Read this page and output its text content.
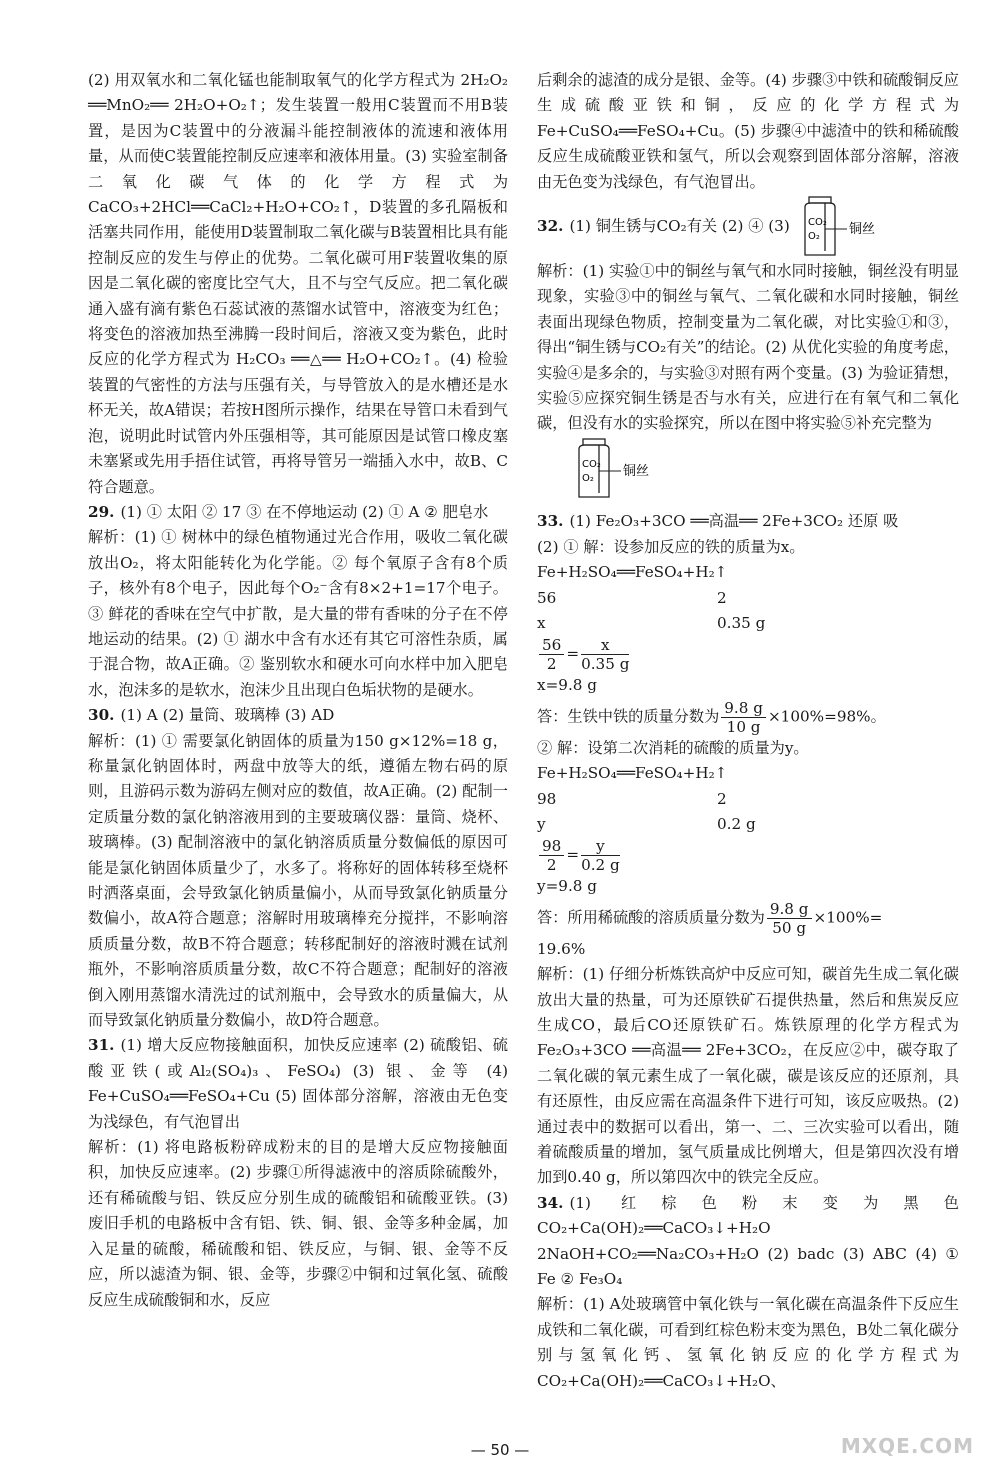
(2) 用双氧水和二氧化锰也能制取氧气的化学方程式为 2H₂O₂ ══MnO₂══ 2H₂O+O₂↑；发生装置一般用C装置而不用B装置，是因为C装置中的分液漏斗能控制液体的流速和液体用量，从而使C装置能控制反应速率和液体用量。(3) 实验室制备二氧化碳气体的化学方程式为 CaCO₃+2HCl══CaCl₂+H₂O+CO₂↑，D装置的多孔隔板和活塞共同作用，能使用D装置制取二氧化碳与B装置相比具有能控制反应的发生与停止的优势。二氧化碳可用F装置收集的原因是二氧化碳的密度比空气大，且不与空气反应。把二氧化碳通入盛有滴有紫色石蕊试液的蒸馏水试管中，溶液变为红色；将变色的溶液加热至沸腾一段时间后，溶液又变为紫色，此时反应的化学方程式为 H₂CO₃ ══△══ H₂O+CO₂↑。(4) 检验装置的气密性的方法与压强有关，与导管放入的是水槽还是水杯无关，故A错误；若按H图所示操作，结果在导管口未看到气泡，说明此时试管内外压强相等，其可能原因是试管口橡皮塞未塞紧或先用手捂住试管，再将导管另一端插入水中，故B、C符合题意。

29. (1) ① 太阳 ② 17 ③ 在不停地运动 (2) ① A ② 肥皂水

解析：(1) ① 树林中的绿色植物通过光合作用，吸收二氧化碳放出O₂，将太阳能转化为化学能。② 每个氧原子含有8个质子，核外有8个电子，因此每个O₂⁻含有8×2+1=17个电子。③ 鲜花的香味在空气中扩散，是大量的带有香味的分子在不停地运动的结果。(2) ① 湖水中含有水还有其它可溶性杂质，属于混合物，故A正确。② 鉴别软水和硬水可向水样中加入肥皂水，泡沫多的是软水，泡沫少且出现白色垢状物的是硬水。

30. (1) A (2) 量筒、玻璃棒 (3) AD

解析：(1) ① 需要氯化钠固体的质量为150 g×12%=18 g，称量氯化钠固体时，两盘中放等大的纸，遵循左物右码的原则，且游码示数为游码左侧对应的数值，故A正确。(2) 配制一定质量分数的氯化钠溶液用到的主要玻璃仪器：量筒、烧杯、玻璃棒。(3) 配制溶液中的氯化钠溶质质量分数偏低的原因可能是氯化钠固体质量少了，水多了。将称好的固体转移至烧杯时洒落桌面，会导致氯化钠质量偏小，从而导致氯化钠质量分数偏小，故A符合题意；溶解时用玻璃棒充分搅拌，不影响溶质质量分数，故B不符合题意；转移配制好的溶液时溅在试剂瓶外，不影响溶质质量分数，故C不符合题意；配制好的溶液倒入刚用蒸馏水清洗过的试剂瓶中，会导致水的质量偏大，从而导致氯化钠质量分数偏小，故D符合题意。

31. (1) 增大反应物接触面积，加快反应速率 (2) 硫酸铝、硫酸亚铁(或Al₂(SO₄)₃、FeSO₄) (3) 银、金等 (4) Fe+CuSO₄══FeSO₄+Cu (5) 固体部分溶解，溶液由无色变为浅绿色，有气泡冒出

解析：(1) 将电路板粉碎成粉末的目的是增大反应物接触面积，加快反应速率。(2) 步骤①所得滤液中的溶质除硫酸外，还有稀硫酸与铝、铁反应分别生成的硫酸铝和硫酸亚铁。(3) 废旧手机的电路板中含有铝、铁、铜、银、金等多种金属，加入足量的硫酸，稀硫酸和铝、铁反应，与铜、银、金等不反应，所以滤渣为铜、银、金等，步骤②中铜和过氧化氢、硫酸反应生成硫酸铜和水，反应

后剩余的滤渣的成分是银、金等。(4) 步骤③中铁和硫酸铜反应生成硫酸亚铁和铜，反应的化学方程式为 Fe+CuSO₄══FeSO₄+Cu。(5) 步骤④中滤渣中的铁和稀硫酸反应生成硫酸亚铁和氢气，所以会观察到固体部分溶解，溶液由无色变为浅绿色，有气泡冒出。

32. (1) 铜生锈与CO₂有关 (2) ④ (3) CO₂
O₂ 铜丝

解析：(1) 实验①中的铜丝与氧气和水同时接触，铜丝没有明显现象，实验③中的铜丝与氧气、二氧化碳和水同时接触，铜丝表面出现绿色物质，控制变量为二氧化碳，对比实验①和③，得出“铜生锈与CO₂有关”的结论。(2) 从优化实验的角度考虑，实验④是多余的，与实验③对照有两个变量。(3) 为验证猜想，实验⑤应探究铜生锈是否与水有关，应进行在有氧气和二氧化碳，但没有水的实验探究，所以在图中将实验⑤补充完整为

CO₂
O₂ 铜丝

33. (1) Fe₂O₃+3CO ══高温══ 2Fe+3CO₂ 还原 吸

(2) ① 解：设参加反应的铁的质量为x。

Fe+H₂SO₄══FeSO₄+H₂↑
56	2
x	0.35 g
$\frac{56}{2} = \frac{x}{0.35 g}$
x=9.8 g
答：生铁中铁的质量分数为 $\frac{9.8 g}{10 g} \times 100\%=98\%$。

② 解：设第二次消耗的硫酸的质量为y。

Fe+H₂SO₄══FeSO₄+H₂↑
98	2
y	0.2 g
$\frac{98}{2} = \frac{y}{0.2 g}$
y=9.8 g
答：所用稀硫酸的溶质质量分数为 $\frac{9.8 g}{50 g} \times 100\%=$
19.6%

解析：(1) 仔细分析炼铁高炉中反应可知，碳首先生成二氧化碳放出大量的热量，可为还原铁矿石提供热量，然后和焦炭反应生成CO，最后CO还原铁矿石。炼铁原理的化学方程式为 Fe₂O₃+3CO ══高温══ 2Fe+3CO₂，在反应②中，碳夺取了二氧化碳的氧元素生成了一氧化碳，碳是该反应的还原剂，具有还原性，由反应需在高温条件下进行可知，该反应吸热。(2) 通过表中的数据可以看出，第一、二、三次实验可以看出，随着硫酸质量的增加，氢气质量成比例增大，但是第四次没有增加到0.40 g，所以第四次中的铁完全反应。

34. (1) 红棕色粉末变为黑色 CO₂+Ca(OH)₂══CaCO₃↓+H₂O 2NaOH+CO₂══Na₂CO₃+H₂O (2) badc (3) ABC (4) ① Fe ② Fe₃O₄

解析：(1) A处玻璃管中氧化铁与一氧化碳在高温条件下反应生成铁和二氧化碳，可看到红棕色粉末变为黑色，B处二氧化碳分别与氢氧化钙、氢氧化钠反应的化学方程式为 CO₂+Ca(OH)₂══CaCO₃↓+H₂O、

— 50 —	MXQE.COM
